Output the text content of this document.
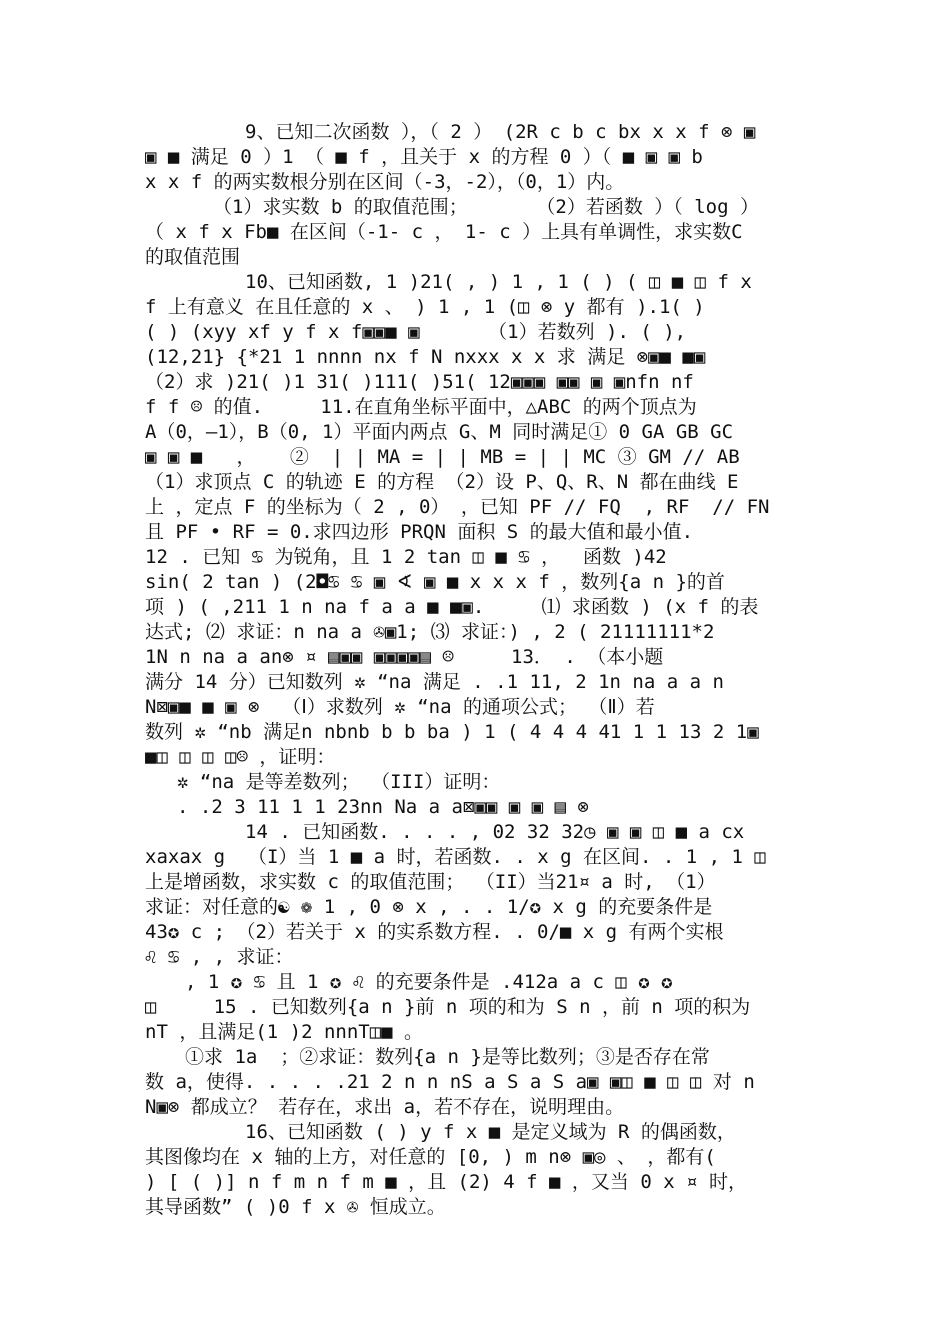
9、已知二次函数 ），（ 2 ） (2R c b c bx x x f ⊗ ▣
▣ ■ 满足 0 ）1 （ ■ f ，且关于 x 的方程 0 ）（ ■ ▣ ▣ b
x x f 的两实数根分别在区间（-3，-2），（0，1）内。
（1）求实数 b 的取值范围；      （2）若函数 ）（ log ）
（ x f x Fb■ 在区间（-1- c ， 1- c ）上具有单调性，求实数C
的取值范围
10、已知函数, 1 )21( , ) 1 , 1 ( ) ( ◫ ■ ◫ f x
f 上有意义 在且任意的 x 、 ) 1 , 1 (◫ ⊗ y 都有 ).1( )
( ) (xyy xf y f x f▣▣■ ▣      （1）若数列 ). ( ),
(12,21} {*21 1 nnnn nx f N nxxx x x 求 满足 ⊗▣■ ■▣
（2）求 )21( )1 31( )111( )51( 12▣▣▣ ▣▣ ▣ ▣nfn nf
f f ☹ 的值.     11.在直角坐标平面中，△ABC 的两个顶点为
A（0，—1），B（0, 1）平面内两点 G、M 同时满足① 0 GA GB GC
▣ ▣ ■   ，   ②  | | MA = | | MB = | | MC ③ GM // AB
（1）求顶点 C 的轨迹 E 的方程 （2）设 P、Q、R、N 都在曲线 E
上 ，定点 F 的坐标为（ 2 , 0） ，已知 PF // FQ  , RF  // FN
且 PF • RF = 0.求四边形 PRQN 面积 S 的最大值和最小值.
12 . 已知 ♋ 为锐角，且 1 2 tan ◫ ■ ♋ ，  函数 )42
sin( 2 tan ) (2◘♋ ♋ ▣ ∢ ▣ ■ x x x f ，数列{a n }的首
项 ) ( ,211 1 n na f a a ■ ■▣.     ⑴ 求函数 ) (x f 的表
达式; ⑵ 求证：n na a ✇▣1; ⑶ 求证：) , 2 ( 21111111*2
1N n na a an⊗ ¤ ▤▣▣ ▣▣▣▣▤ ☹     13． . （本小题
满分 14 分）已知数列 ✲ “na 满足 . .1 11, 2 1n na a a n
N⊠▣■ ■ ▣ ⊗  （Ⅰ）求数列 ✲ “na 的通项公式； （Ⅱ）若
数列 ✲ “nb 满足n nbnb b b ba ) 1 ( 4 4 4 41 1 1 13 2 1▣
■◫ ◫ ◫ ◫☹ ，证明：
✲ “na 是等差数列； （III）证明：
. .2 3 11 1 1 23nn Na a a⊠▣▣ ▣ ▣ ▤ ⊗
14 . 已知函数. . . . , 02 32 32◷ ▣ ▣ ◫ ■ a cx
xaxax g  （I）当 1 ■ a 时，若函数. . x g 在区间. . 1 , 1 ◫
上是增函数，求实数 c 的取值范围； （II）当21¤ a 时, （1）
求证：对任意的☯ ❁ 1 , 0 ⊗ x , . . 1/✪ x g 的充要条件是
43✪ c ; （2）若关于 x 的实系数方程. . 0/■ x g 有两个实根
♌ ♋ , , 求证：
, 1 ✪ ♋ 且 1 ✪ ♌ 的充要条件是 .412a a c ◫ ✪ ✪
◫     15 . 已知数列{a n }前 n 项的和为 S n ，前 n 项的积为
nT ，且满足(1 )2 nnnT◫■ 。
①求 1a  ；②求证：数列{a n }是等比数列；③是否存在常
数 a，使得. . . . .21 2 n n nS a S a S a▣ ▣◫ ■ ◫ ◫ 对 n
N▣⊗ 都成立？ 若存在，求出 a，若不存在，说明理由。
16、已知函数 ( ) y f x ■ 是定义域为 R 的偶函数，
其图像均在 x 轴的上方，对任意的 [0, ) m n⊗ ▣◎ 、 ，都有(
) [ ( )] n f m n f m ■ ，且 (2) 4 f ■ ，又当 0 x ¤ 时，
其导函数” ( )0 f x ✇ 恒成立。
